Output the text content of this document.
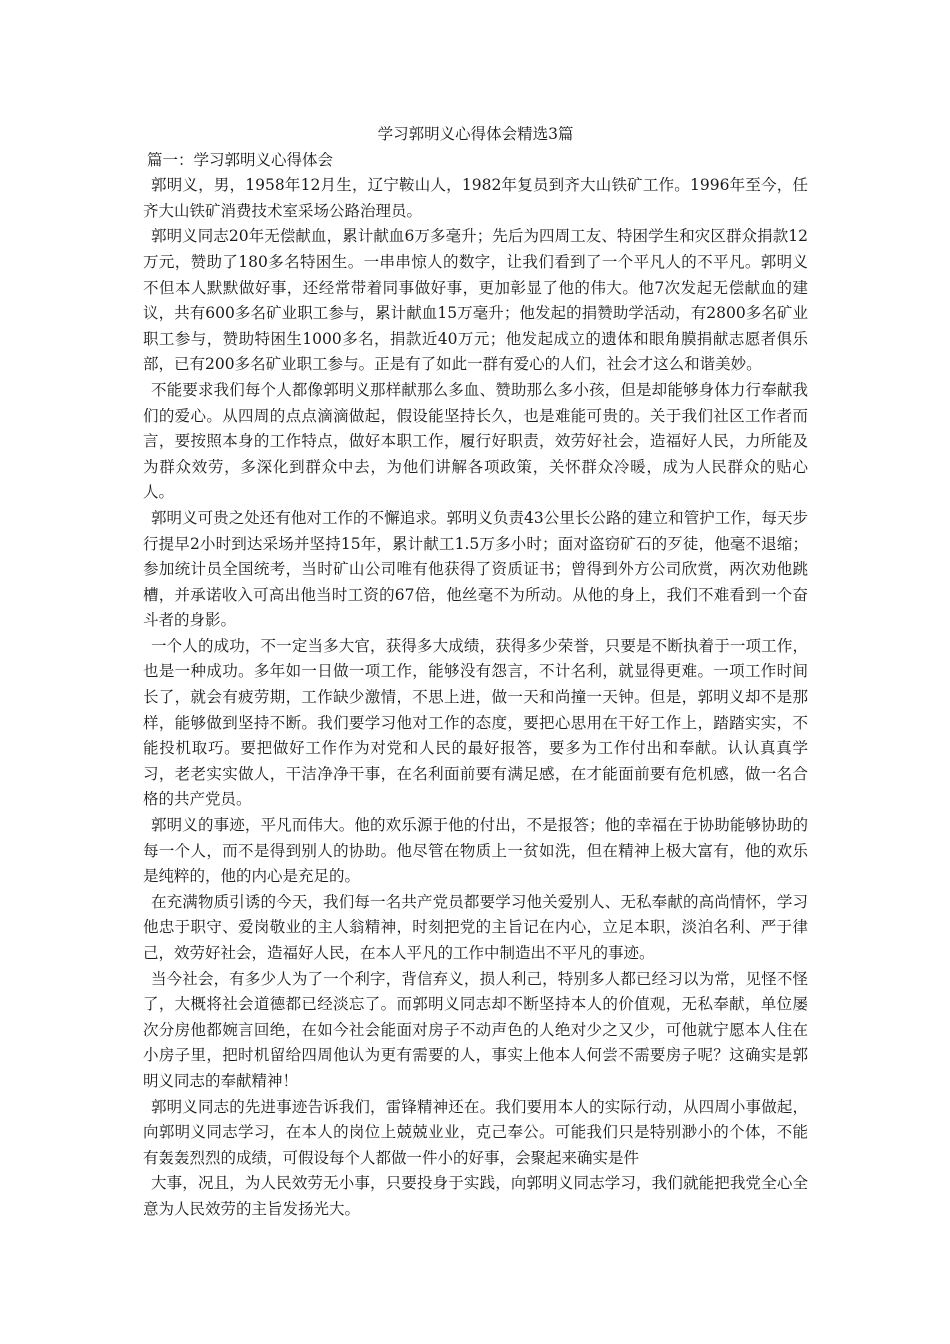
学习郭明义心得体会精选3篇
篇一：学习郭明义心得体会

郭明义，男，1958年12月生，辽宁鞍山人，1982年复员到齐大山铁矿工作。1996年至今，任齐大山铁矿消费技术室采场公路治理员。

郭明义同志20年无偿献血，累计献血6万多毫升；先后为四周工友、特困学生和灾区群众捐款12万元，赞助了180多名特困生。一串串惊人的数字，让我们看到了一个平凡人的不平凡。郭明义不但本人默默做好事，还经常带着同事做好事，更加彰显了他的伟大。他7次发起无偿献血的建议，共有600多名矿业职工参与，累计献血15万毫升；他发起的捐赞助学活动，有2800多名矿业职工参与，赞助特困生1000多名，捐款近40万元；他发起成立的遗体和眼角膜捐献志愿者俱乐部，已有200多名矿业职工参与。正是有了如此一群有爱心的人们，社会才这么和谐美妙。

不能要求我们每个人都像郭明义那样献那么多血、赞助那么多小孩，但是却能够身体力行奉献我们的爱心。从四周的点点滴滴做起，假设能坚持长久，也是难能可贵的。关于我们社区工作者而言，要按照本身的工作特点，做好本职工作，履行好职责，效劳好社会，造福好人民，力所能及为群众效劳，多深化到群众中去，为他们讲解各项政策，关怀群众冷暖，成为人民群众的贴心人。

郭明义可贵之处还有他对工作的不懈追求。郭明义负责43公里长公路的建立和管护工作，每天步行提早2小时到达采场并坚持15年，累计献工1.5万多小时；面对盗窃矿石的歹徒，他毫不退缩；参加统计员全国统考，当时矿山公司唯有他获得了资质证书；曾得到外方公司欣赏，两次劝他跳槽，并承诺收入可高出他当时工资的67倍，他丝毫不为所动。从他的身上，我们不难看到一个奋斗者的身影。

一个人的成功，不一定当多大官，获得多大成绩，获得多少荣誉，只要是不断执着于一项工作，也是一种成功。多年如一日做一项工作，能够没有怨言，不计名利，就显得更难。一项工作时间长了，就会有疲劳期，工作缺少激情，不思上进，做一天和尚撞一天钟。但是，郭明义却不是那样，能够做到坚持不断。我们要学习他对工作的态度，要把心思用在干好工作上，踏踏实实，不能投机取巧。要把做好工作作为对党和人民的最好报答，要多为工作付出和奉献。认认真真学习，老老实实做人，干洁净净干事，在名利面前要有满足感，在才能面前要有危机感，做一名合格的共产党员。

郭明义的事迹，平凡而伟大。他的欢乐源于他的付出，不是报答；他的幸福在于协助能够协助的每一个人，而不是得到别人的协助。他尽管在物质上一贫如洗，但在精神上极大富有，他的欢乐是纯粹的，他的内心是充足的。

在充满物质引诱的今天，我们每一名共产党员都要学习他关爱别人、无私奉献的高尚情怀，学习他忠于职守、爱岗敬业的主人翁精神，时刻把党的主旨记在内心，立足本职，淡泊名利、严于律己，效劳好社会，造福好人民，在本人平凡的工作中制造出不平凡的事迹。

当今社会，有多少人为了一个利字，背信弃义，损人利己，特别多人都已经习以为常，见怪不怪了，大概将社会道德都已经淡忘了。而郭明义同志却不断坚持本人的价值观，无私奉献，单位屡次分房他都婉言回绝，在如今社会能面对房子不动声色的人绝对少之又少，可他就宁愿本人住在小房子里，把时机留给四周他认为更有需要的人，事实上他本人何尝不需要房子呢？这确实是郭明义同志的奉献精神！

郭明义同志的先进事迹告诉我们，雷锋精神还在。我们要用本人的实际行动，从四周小事做起，向郭明义同志学习，在本人的岗位上兢兢业业，克己奉公。可能我们只是特别渺小的个体，不能有轰轰烈烈的成绩，可假设每个人都做一件小的好事，会聚起来确实是件

大事，况且，为人民效劳无小事，只要投身于实践，向郭明义同志学习，我们就能把我党全心全意为人民效劳的主旨发扬光大。
